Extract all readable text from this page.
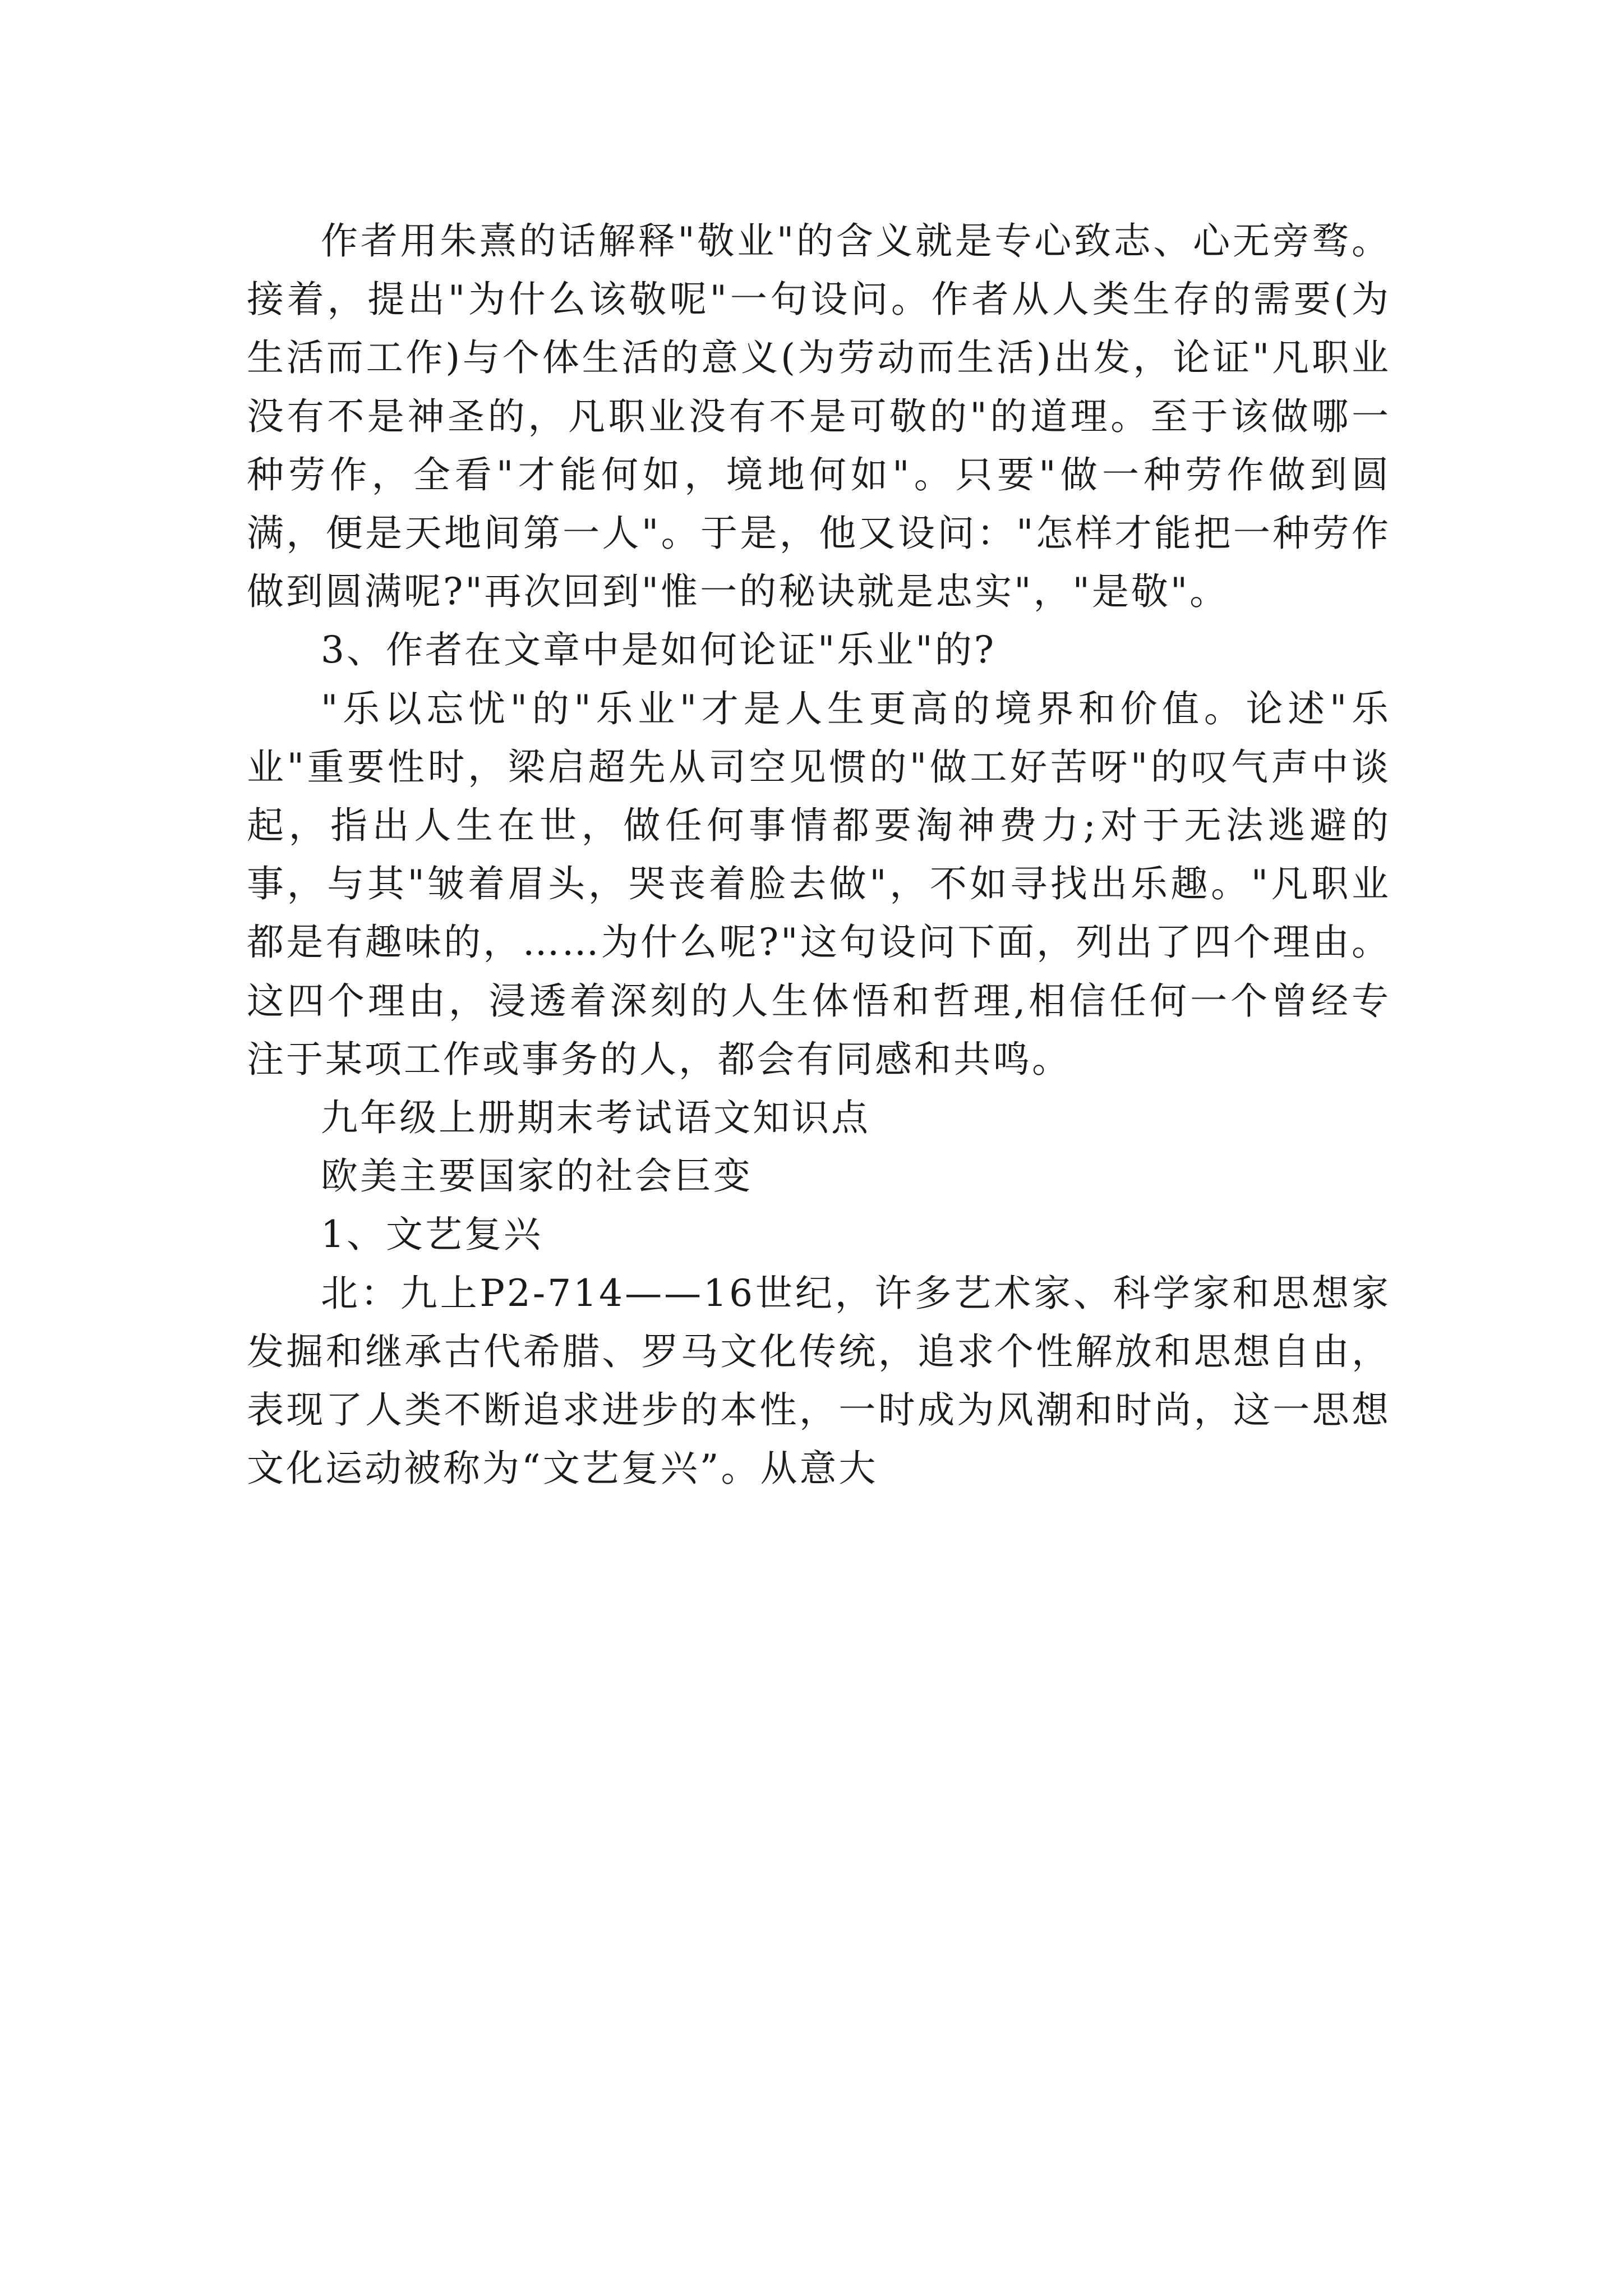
作者用朱熹的话解释"敬业"的含义就是专心致志、心无旁骛。接着，提出"为什么该敬呢"一句设问。作者从人类生存的需要(为生活而工作)与个体生活的意义(为劳动而生活)出发，论证"凡职业没有不是神圣的，凡职业没有不是可敬的"的道理。至于该做哪一种劳作，全看"才能何如，境地何如"。只要"做一种劳作做到圆满，便是天地间第一人"。于是，他又设问："怎样才能把一种劳作做到圆满呢?"再次回到"惟一的秘诀就是忠实"，"是敬"。

3、作者在文章中是如何论证"乐业"的?

"乐以忘忧"的"乐业"才是人生更高的境界和价值。论述"乐业"重要性时，梁启超先从司空见惯的"做工好苦呀"的叹气声中谈起，指出人生在世，做任何事情都要淘神费力;对于无法逃避的事，与其"皱着眉头，哭丧着脸去做"，不如寻找出乐趣。"凡职业都是有趣味的，……为什么呢?"这句设问下面，列出了四个理由。这四个理由，浸透着深刻的人生体悟和哲理,相信任何一个曾经专注于某项工作或事务的人，都会有同感和共鸣。

九年级上册期末考试语文知识点

欧美主要国家的社会巨变

1、文艺复兴

北：九上P2-714——16世纪，许多艺术家、科学家和思想家发掘和继承古代希腊、罗马文化传统，追求个性解放和思想自由，表现了人类不断追求进步的本性，一时成为风潮和时尚，这一思想文化运动被称为“文艺复兴”。从意大
